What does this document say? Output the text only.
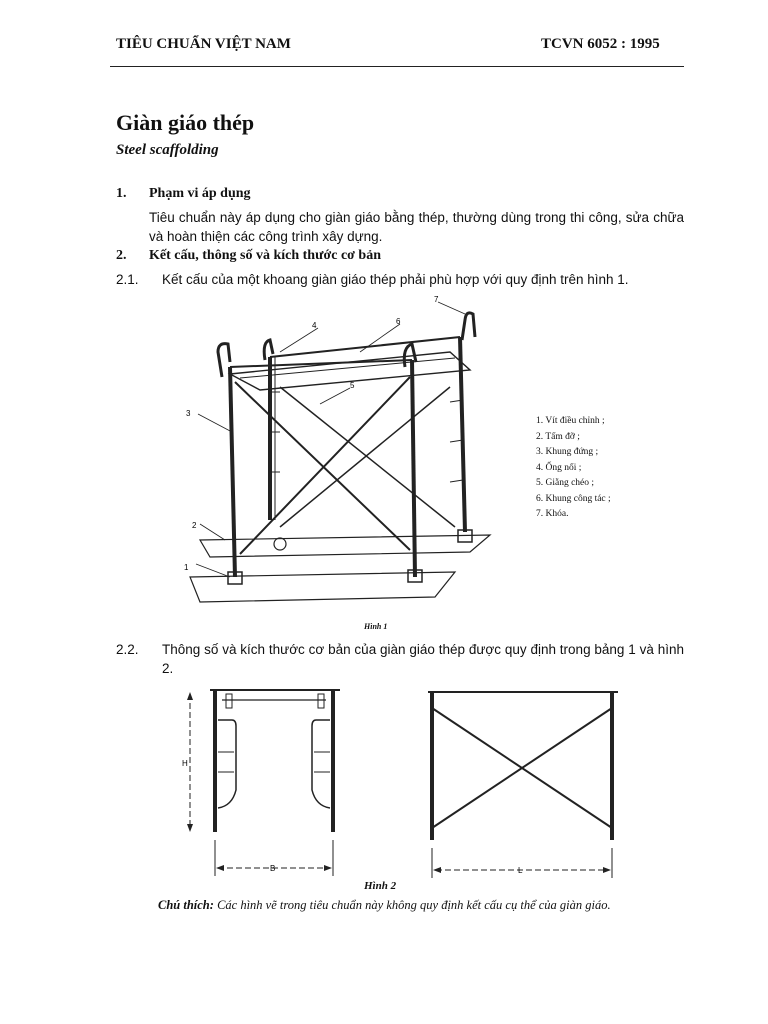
TIÊU CHUẨN VIỆT NAM	TCVN 6052 : 1995
Giàn giáo thép
Steel scaffolding
1. Phạm vi áp dụng
Tiêu chuẩn này áp dụng cho giàn giáo bằng thép, thường dùng trong thi công, sửa chữa và hoàn thiện các công trình xây dựng.
2. Kết cấu, thông số và kích thước cơ bản
2.1. Kết cấu của một khoang giàn giáo thép phải phù hợp với quy định trên hình 1.
1
2
3
4
5
6
7
1. Vít điều chỉnh ;
2. Tấm đỡ ;
3. Khung đứng ;
4. Ống nối ;
5. Giằng chéo ;
6. Khung công tác ;
7. Khóa.
Hình 1
2.2. Thông số và kích thước cơ bản của giàn giáo thép được quy định trong bảng 1 và hình 2.
H
B	L
Hình 2
Chú thích: Các hình vẽ trong tiêu chuẩn này không quy định kết cấu cụ thể của giàn giáo.
